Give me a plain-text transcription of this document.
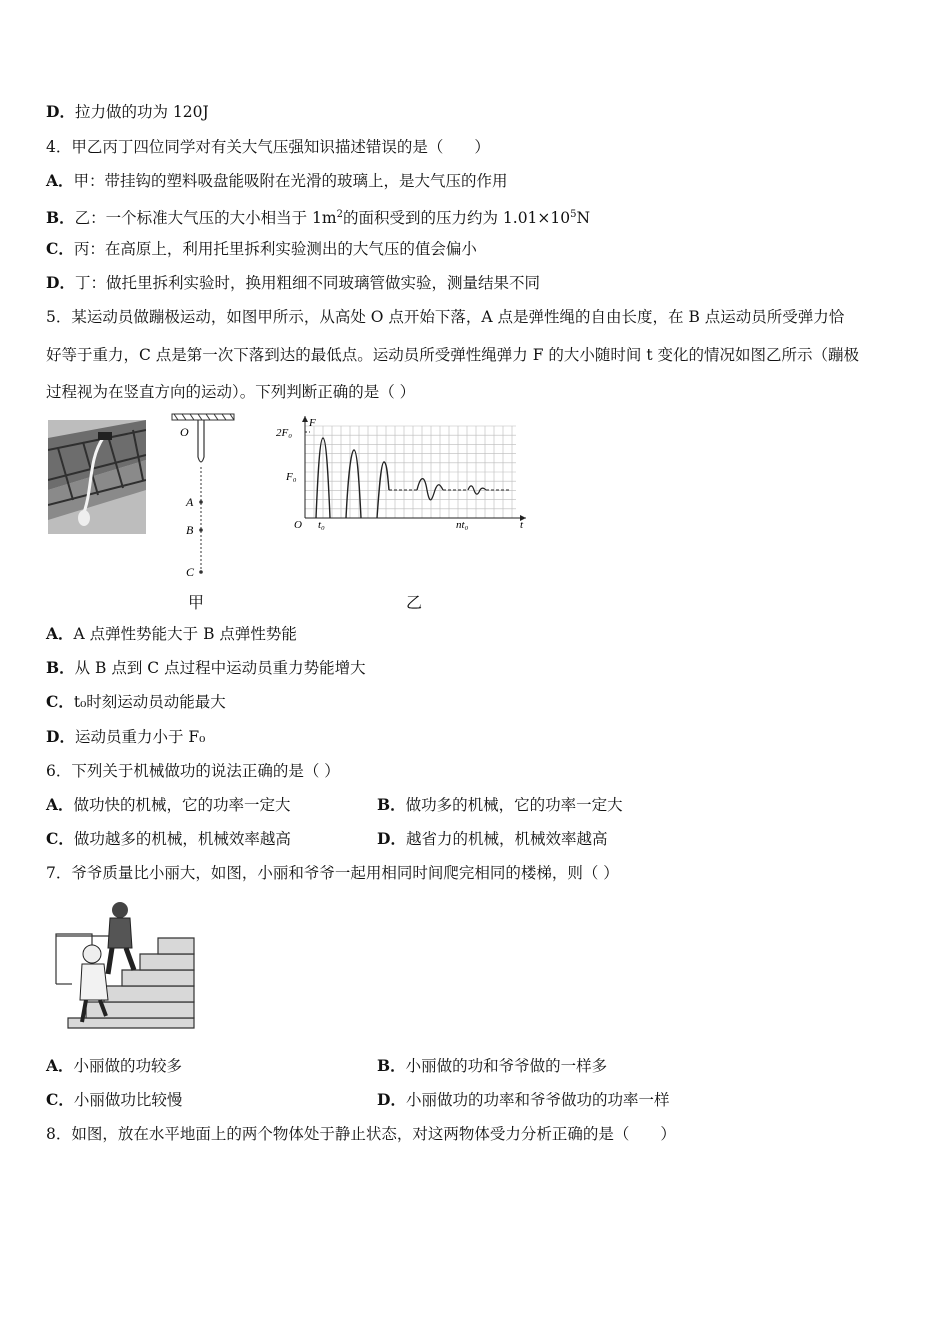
D．拉力做的功为 120J
4．甲乙丙丁四位同学对有关大气压强知识描述错误的是（　　）
A．甲：带挂钩的塑料吸盘能吸附在光滑的玻璃上，是大气压的作用
B．乙：一个标准大气压的大小相当于 $1m^2$的面积受到的压力约为 $1.01\times 10^5N$
C．丙：在高原上，利用托里拆利实验测出的大气压的值会偏小
D．丁：做托里拆利实验时，换用粗细不同玻璃管做实验，测量结果不同
5．某运动员做蹦极运动，如图甲所示，从高处 O 点开始下落，A 点是弹性绳的自由长度，在 B 点运动员所受弹力恰
好等于重力，C 点是第一次下落到达的最低点。运动员所受弹性绳弹力 F 的大小随时间 t 变化的情况如图乙所示（蹦极
过程视为在竖直方向的运动）。下列判断正确的是（ ）
O
A
B
C
甲
F
t
O
2F₀
F₀
t₀	nt₀
乙
A．A 点弹性势能大于 B 点弹性势能
B．从 B 点到 C 点过程中运动员重力势能增大
C．t₀时刻运动员动能最大
D．运动员重力小于 F₀
6．下列关于机械做功的说法正确的是（ ）
A．做功快的机械，它的功率一定大	B．做功多的机械，它的功率一定大
C．做功越多的机械，机械效率越高	D．越省力的机械，机械效率越高
7．爷爷质量比小丽大，如图，小丽和爷爷一起用相同时间爬完相同的楼梯，则（ ）
A．小丽做的功较多	B．小丽做的功和爷爷做的一样多
C．小丽做功比较慢	D．小丽做功的功率和爷爷做功的功率一样
8．如图，放在水平地面上的两个物体处于静止状态，对这两物体受力分析正确的是（　　）
